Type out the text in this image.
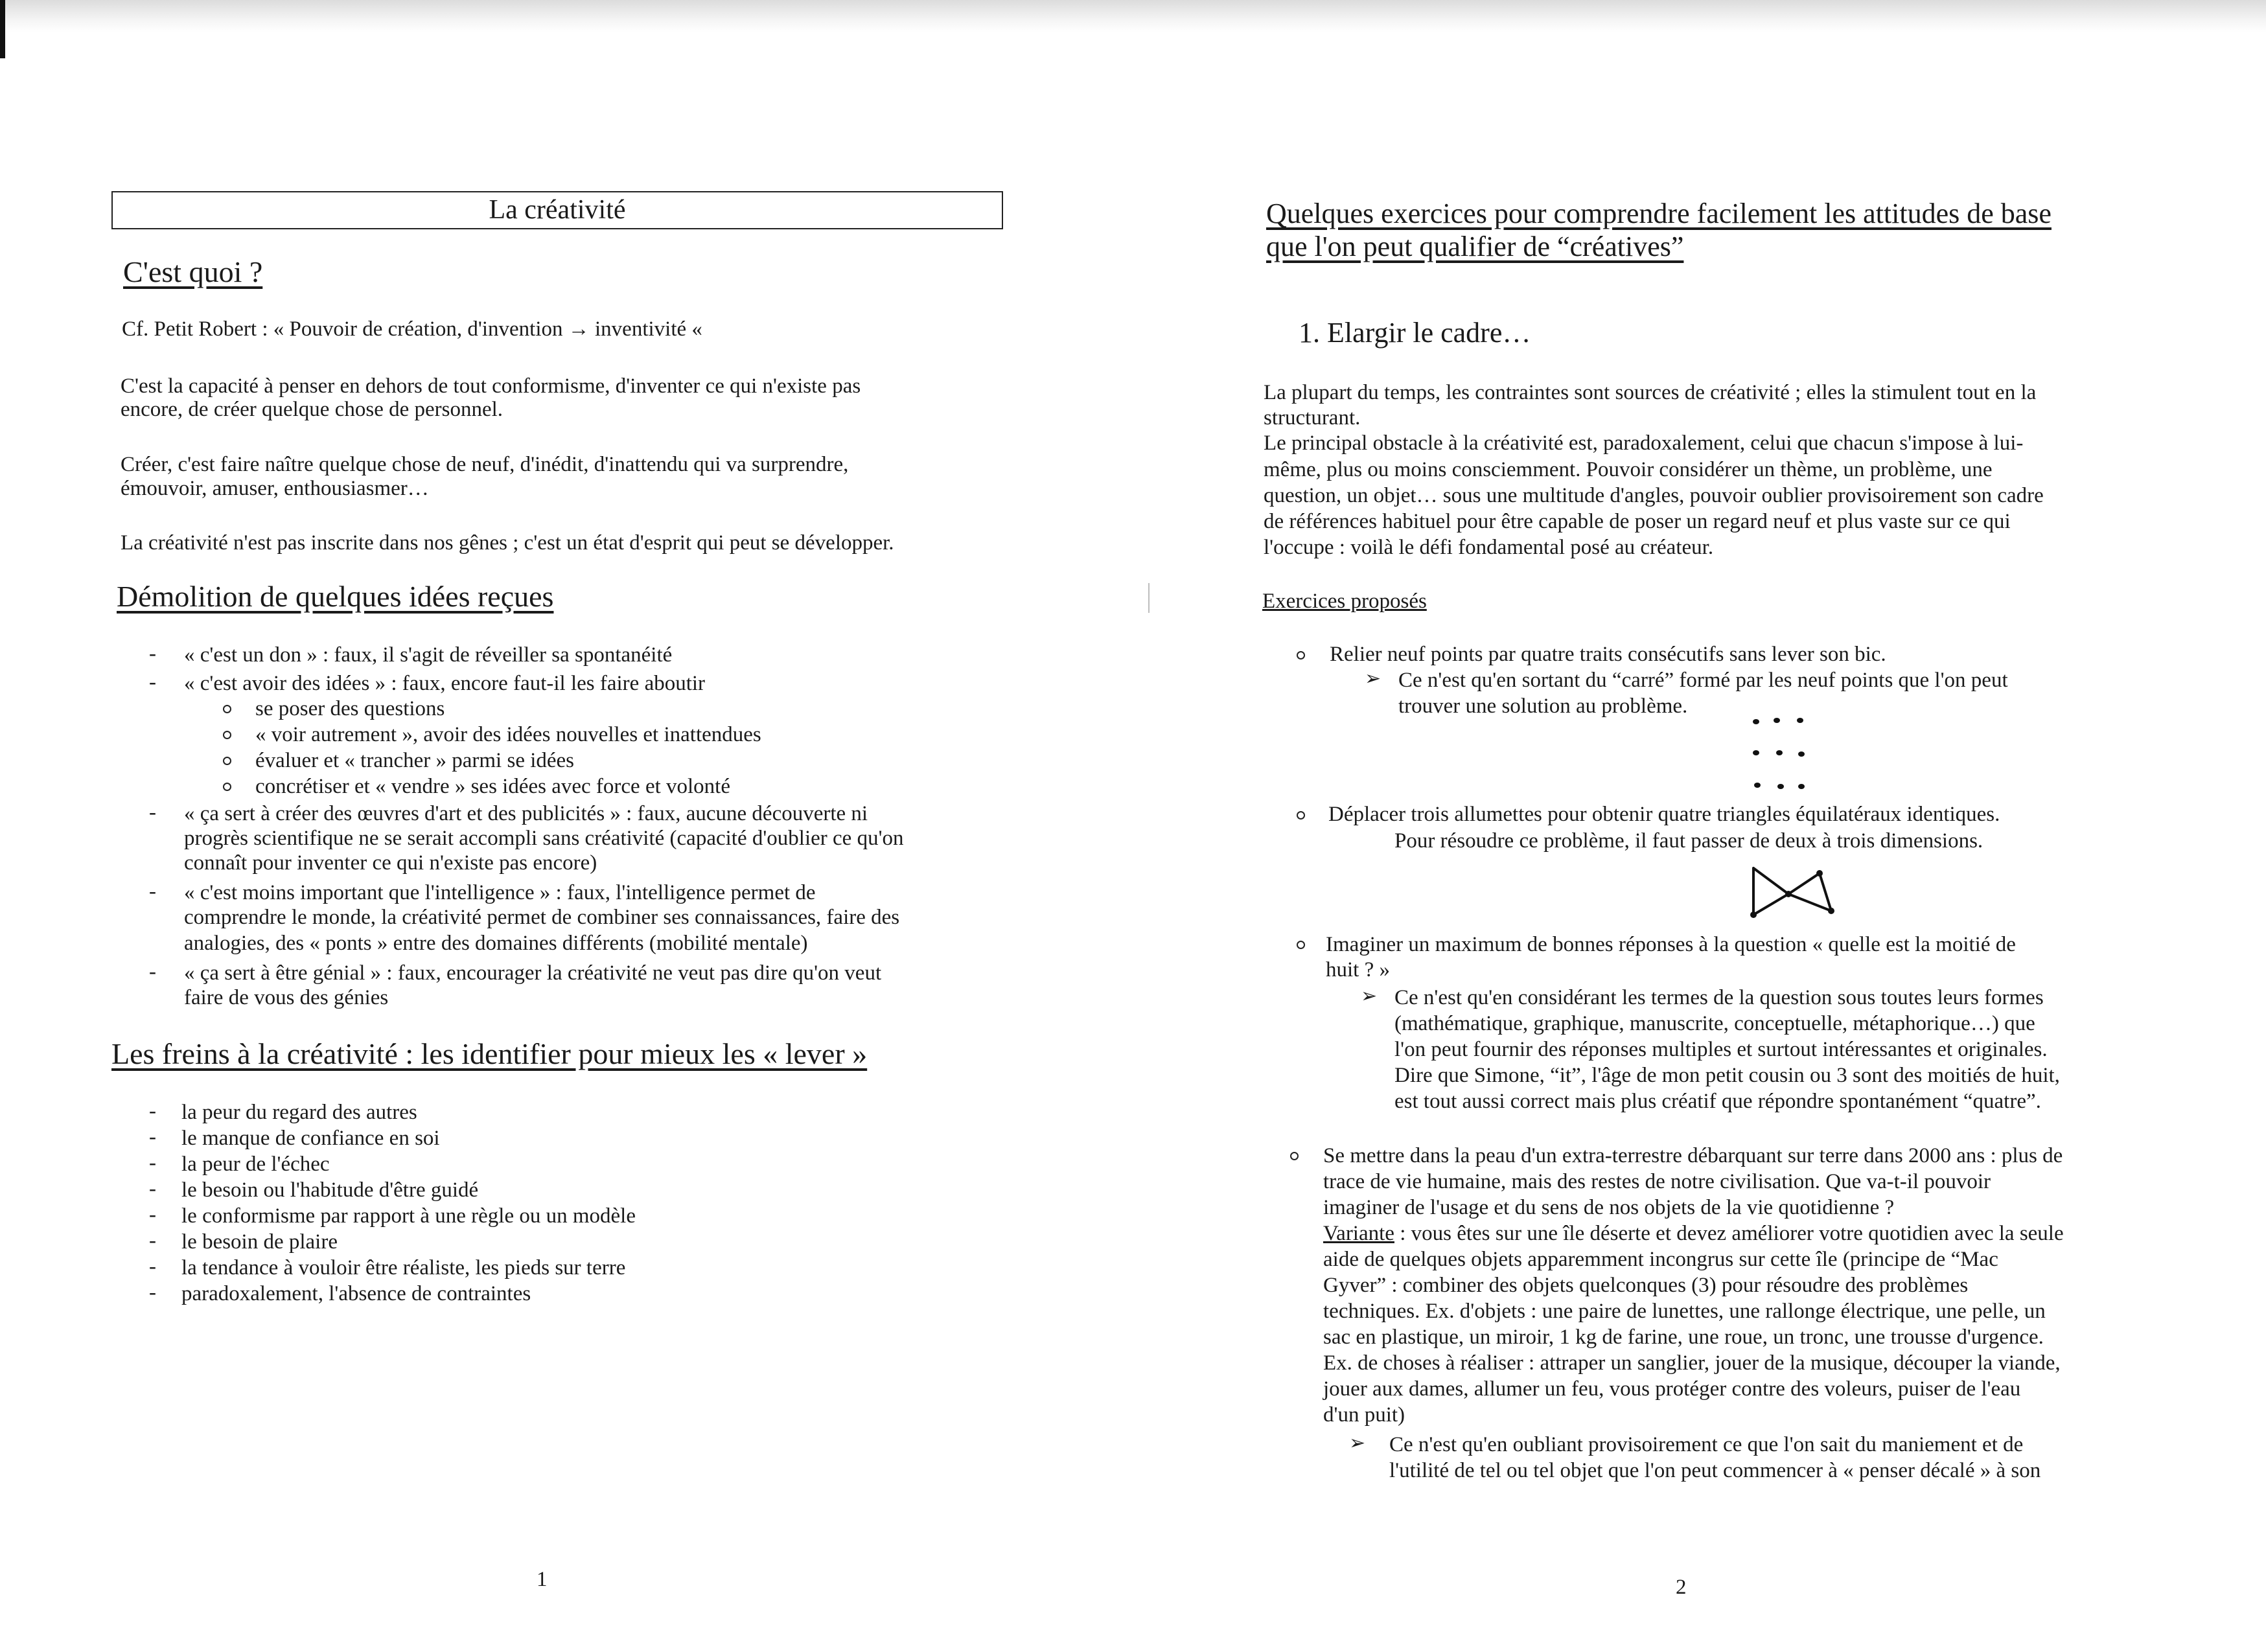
La créativité
C'est quoi ?
Cf. Petit Robert : « Pouvoir de création, d'invention → inventivité «
C'est la capacité à penser en dehors de tout conformisme, d'inventer ce qui n'existe pas
encore, de créer quelque chose de personnel.
Créer, c'est faire naître quelque chose de neuf, d'inédit, d'inattendu qui va surprendre,
émouvoir, amuser, enthousiasmer…
La créativité n'est pas inscrite dans nos gênes ; c'est un état d'esprit qui peut se développer.
Démolition de quelques idées reçues
- « c'est un don » : faux, il s'agit de réveiller sa spontanéité
- « c'est avoir des idées » : faux, encore faut-il les faire aboutir
se poser des questions
« voir autrement », avoir des idées nouvelles et inattendues
évaluer et « trancher » parmi se idées
concrétiser et « vendre » ses idées avec force et volonté
- « ça sert à créer des œuvres d'art et des publicités » : faux, aucune découverte ni
progrès scientifique ne se serait accompli sans créativité (capacité d'oublier ce qu'on
connaît pour inventer ce qui n'existe pas encore)
- « c'est moins important que l'intelligence » : faux, l'intelligence permet de
comprendre le monde, la créativité permet de combiner ses connaissances, faire des
analogies, des « ponts » entre des domaines différents (mobilité mentale)
- « ça sert à être génial » : faux, encourager la créativité ne veut pas dire qu'on veut
faire de vous des génies
Les freins à la créativité : les identifier pour mieux les « lever »
- la peur du regard des autres
- le manque de confiance en soi
- la peur de l'échec
- le besoin ou l'habitude d'être guidé
- le conformisme par rapport à une règle ou un modèle
- le besoin de plaire
- la tendance à vouloir être réaliste, les pieds sur terre
- paradoxalement, l'absence de contraintes
1
Quelques exercices pour comprendre facilement les attitudes de base
que l'on peut qualifier de “créatives”
1. Elargir le cadre…
La plupart du temps, les contraintes sont sources de créativité ; elles la stimulent tout en la
structurant.
Le principal obstacle à la créativité est, paradoxalement, celui que chacun s'impose à lui-
même, plus ou moins consciemment. Pouvoir considérer un thème, un problème, une
question, un objet… sous une multitude d'angles, pouvoir oublier provisoirement son cadre
de références habituel pour être capable de poser un regard neuf et plus vaste sur ce qui
l'occupe : voilà le défi fondamental posé au créateur.
Exercices proposés
Relier neuf points par quatre traits consécutifs sans lever son bic.
➢ Ce n'est qu'en sortant du “carré” formé par les neuf points que l'on peut
trouver une solution au problème.
Déplacer trois allumettes pour obtenir quatre triangles équilatéraux identiques.
Pour résoudre ce problème, il faut passer de deux à trois dimensions.
Imaginer un maximum de bonnes réponses à la question « quelle est la moitié de
huit ? »
➢ Ce n'est qu'en considérant les termes de la question sous toutes leurs formes
(mathématique, graphique, manuscrite, conceptuelle, métaphorique…) que
l'on peut fournir des réponses multiples et surtout intéressantes et originales.
Dire que Simone, “it”, l'âge de mon petit cousin ou 3 sont des moitiés de huit,
est tout aussi correct mais plus créatif que répondre spontanément “quatre”.
Se mettre dans la peau d'un extra-terrestre débarquant sur terre dans 2000 ans : plus de
trace de vie humaine, mais des restes de notre civilisation. Que va-t-il pouvoir
imaginer de l'usage et du sens de nos objets de la vie quotidienne ?
Variante : vous êtes sur une île déserte et devez améliorer votre quotidien avec la seule
aide de quelques objets apparemment incongrus sur cette île (principe de “Mac
Gyver” : combiner des objets quelconques (3) pour résoudre des problèmes
techniques. Ex. d'objets : une paire de lunettes, une rallonge électrique, une pelle, un
sac en plastique, un miroir, 1 kg de farine, une roue, un tronc, une trousse d'urgence.
Ex. de choses à réaliser : attraper un sanglier, jouer de la musique, découper la viande,
jouer aux dames, allumer un feu, vous protéger contre des voleurs, puiser de l'eau
d'un puit)
➢ Ce n'est qu'en oubliant provisoirement ce que l'on sait du maniement et de
l'utilité de tel ou tel objet que l'on peut commencer à « penser décalé » à son
2
